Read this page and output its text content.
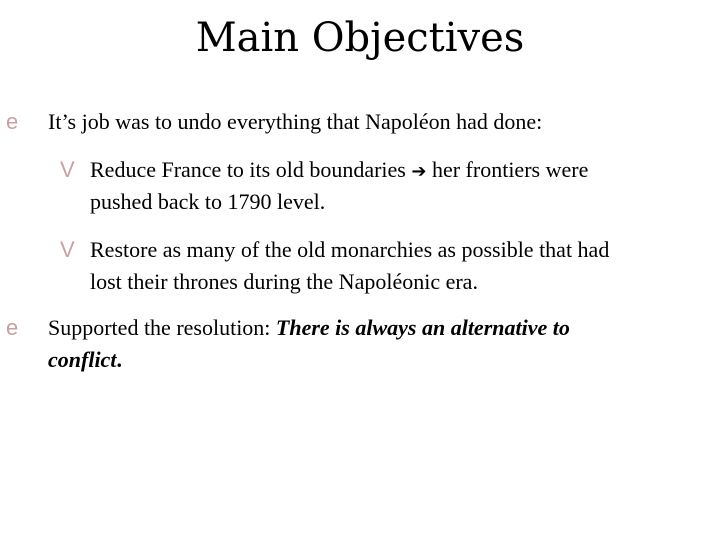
Main Objectives
e It’s job was to undo everything that Napoléon had done:
V Reduce France to its old boundaries ➔ her frontiers were
pushed back to 1790 level.
V Restore as many of the old monarchies as possible that had
lost their thrones during the Napoléonic era.
e Supported the resolution: There is always an alternative to
conflict.
